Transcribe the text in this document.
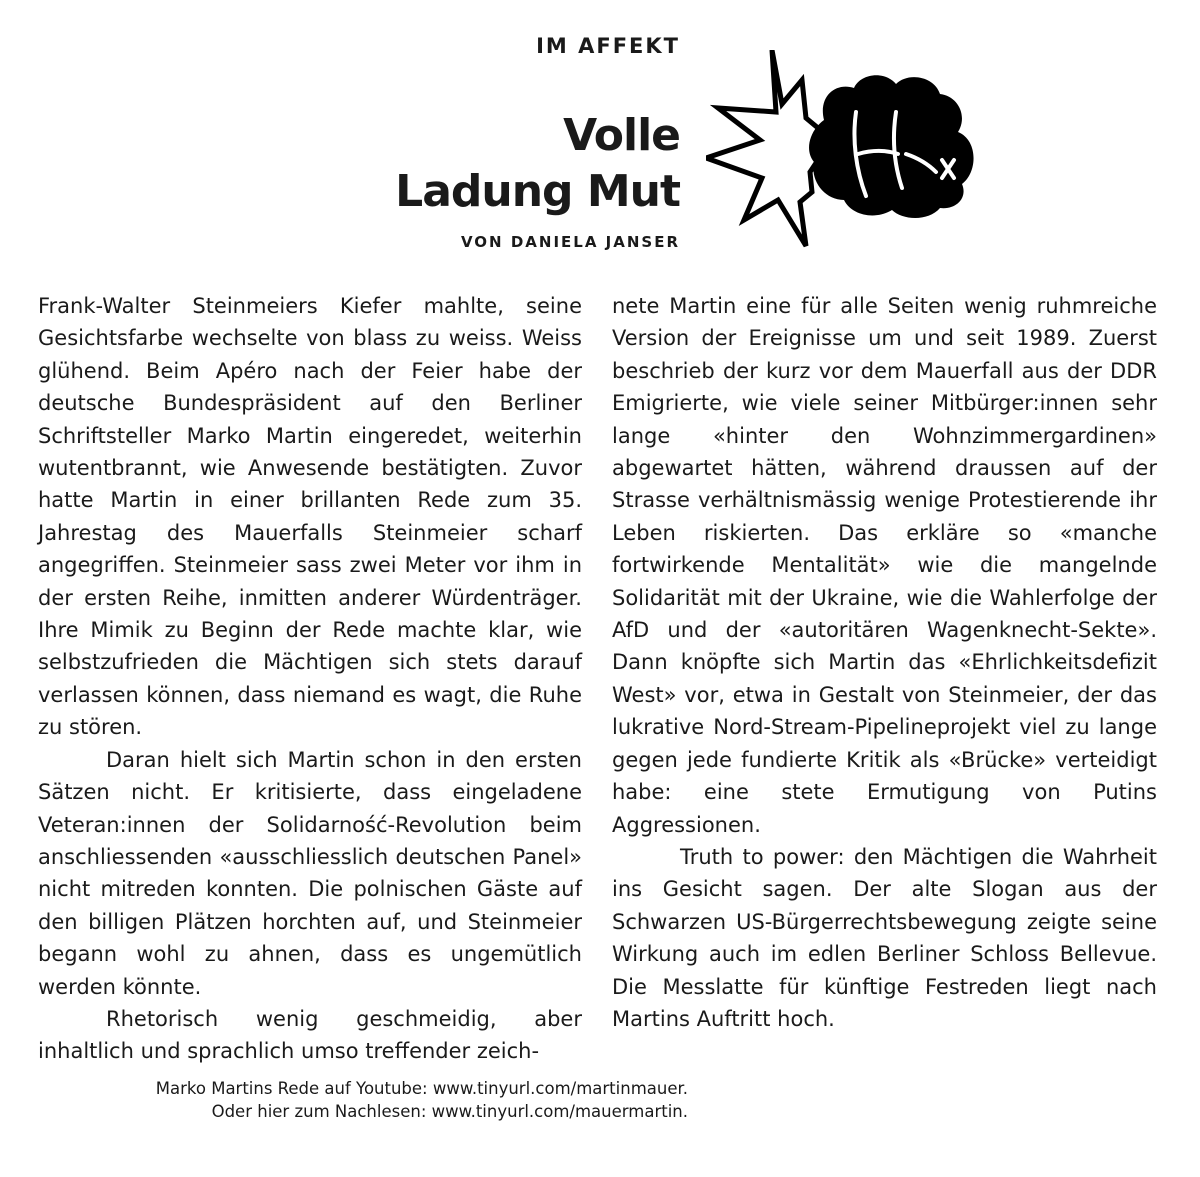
IM AFFEKT
Volle
Ladung Mut
VON DANIELA JANSER

Frank-Walter Steinmeiers Kiefer mahlte, seine Gesichtsfarbe wechselte von blass zu weiss. Weiss glühend. Beim Apéro nach der Feier habe der deutsche Bundespräsident auf den Berliner Schriftsteller Marko Martin eingeredet, weiterhin wutentbrannt, wie Anwesende bestätigten. Zuvor hatte Martin in einer brillanten Rede zum 35. Jahrestag des Mauerfalls Steinmeier scharf angegriffen. Steinmeier sass zwei Meter vor ihm in der ersten Reihe, inmitten anderer Würdenträger. Ihre Mimik zu Beginn der Rede machte klar, wie selbstzufrieden die Mächtigen sich stets darauf verlassen können, dass niemand es wagt, die Ruhe zu stören.

Daran hielt sich Martin schon in den ersten Sätzen nicht. Er kritisierte, dass eingeladene Veteran:innen der Solidarność-Revolution beim anschliessenden «ausschliesslich deutschen Panel» nicht mitreden konnten. Die polnischen Gäste auf den billigen Plätzen horchten auf, und Steinmeier begann wohl zu ahnen, dass es ungemütlich werden könnte.

Rhetorisch wenig geschmeidig, aber inhaltlich und sprachlich umso treffender zeich-

nete Martin eine für alle Seiten wenig ruhmreiche Version der Ereignisse um und seit 1989. Zuerst beschrieb der kurz vor dem Mauerfall aus der DDR Emigrierte, wie viele seiner Mitbürger:innen sehr lange «hinter den Wohnzimmergardinen» abgewartet hätten, während draussen auf der Strasse verhältnismässig wenige Protestierende ihr Leben riskierten. Das erkläre so «manche fortwirkende Mentalität» wie die mangelnde Solidarität mit der Ukraine, wie die Wahlerfolge der AfD und der «autoritären Wagenknecht-Sekte». Dann knöpfte sich Martin das «Ehrlichkeitsdefizit West» vor, etwa in Gestalt von Steinmeier, der das lukrative Nord-Stream-Pipelineprojekt viel zu lange gegen jede fundierte Kritik als «Brücke» verteidigt habe: eine stete Ermutigung von Putins Aggressionen.

Truth to power: den Mächtigen die Wahrheit ins Gesicht sagen. Der alte Slogan aus der Schwarzen US-Bürgerrechtsbewegung zeigte seine Wirkung auch im edlen Berliner Schloss Bellevue. Die Messlatte für künftige Festreden liegt nach Martins Auftritt hoch.

Marko Martins Rede auf Youtube: www.tinyurl.com/martinmauer.
Oder hier zum Nachlesen: www.tinyurl.com/mauermartin.
